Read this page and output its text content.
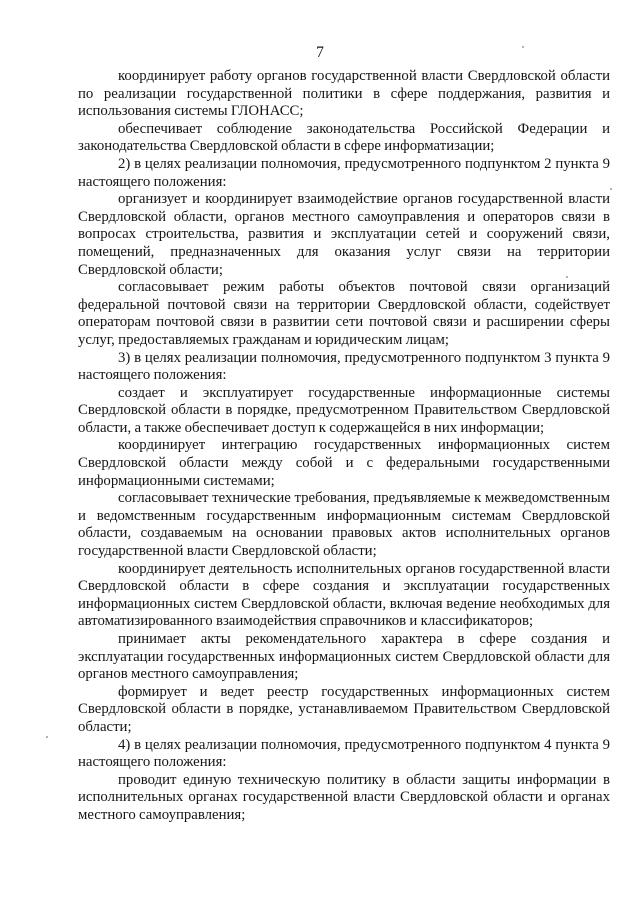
7

координирует работу органов государственной власти Свердловской области по реализации государственной политики в сфере поддержания, развития и использования системы ГЛОНАСС;

обеспечивает соблюдение законодательства Российской Федерации и законодательства Свердловской области в сфере информатизации;

2) в целях реализации полномочия, предусмотренного подпунктом 2 пункта 9 настоящего положения:

организует и координирует взаимодействие органов государственной власти Свердловской области, органов местного самоуправления и операторов связи в вопросах строительства, развития и эксплуатации сетей и сооружений связи, помещений, предназначенных для оказания услуг связи на территории Свердловской области;

согласовывает режим работы объектов почтовой связи организаций федеральной почтовой связи на территории Свердловской области, содействует операторам почтовой связи в развитии сети почтовой связи и расширении сферы услуг, предоставляемых гражданам и юридическим лицам;

3) в целях реализации полномочия, предусмотренного подпунктом 3 пункта 9 настоящего положения:

создает и эксплуатирует государственные информационные системы Свердловской области в порядке, предусмотренном Правительством Свердловской области, а также обеспечивает доступ к содержащейся в них информации;

координирует интеграцию государственных информационных систем Свердловской области между собой и с федеральными государственными информационными системами;

согласовывает технические требования, предъявляемые к межведомственным и ведомственным государственным информационным системам Свердловской области, создаваемым на основании правовых актов исполнительных органов государственной власти Свердловской области;

координирует деятельность исполнительных органов государственной власти Свердловской области в сфере создания и эксплуатации государственных информационных систем Свердловской области, включая ведение необходимых для автоматизированного взаимодействия справочников и классификаторов;

принимает акты рекомендательного характера в сфере создания и эксплуатации государственных информационных систем Свердловской области для органов местного самоуправления;

формирует и ведет реестр государственных информационных систем Свердловской области в порядке, устанавливаемом Правительством Свердловской области;

4) в целях реализации полномочия, предусмотренного подпунктом 4 пункта 9 настоящего положения:

проводит единую техническую политику в области защиты информации в исполнительных органах государственной власти Свердловской области и органах местного самоуправления;
